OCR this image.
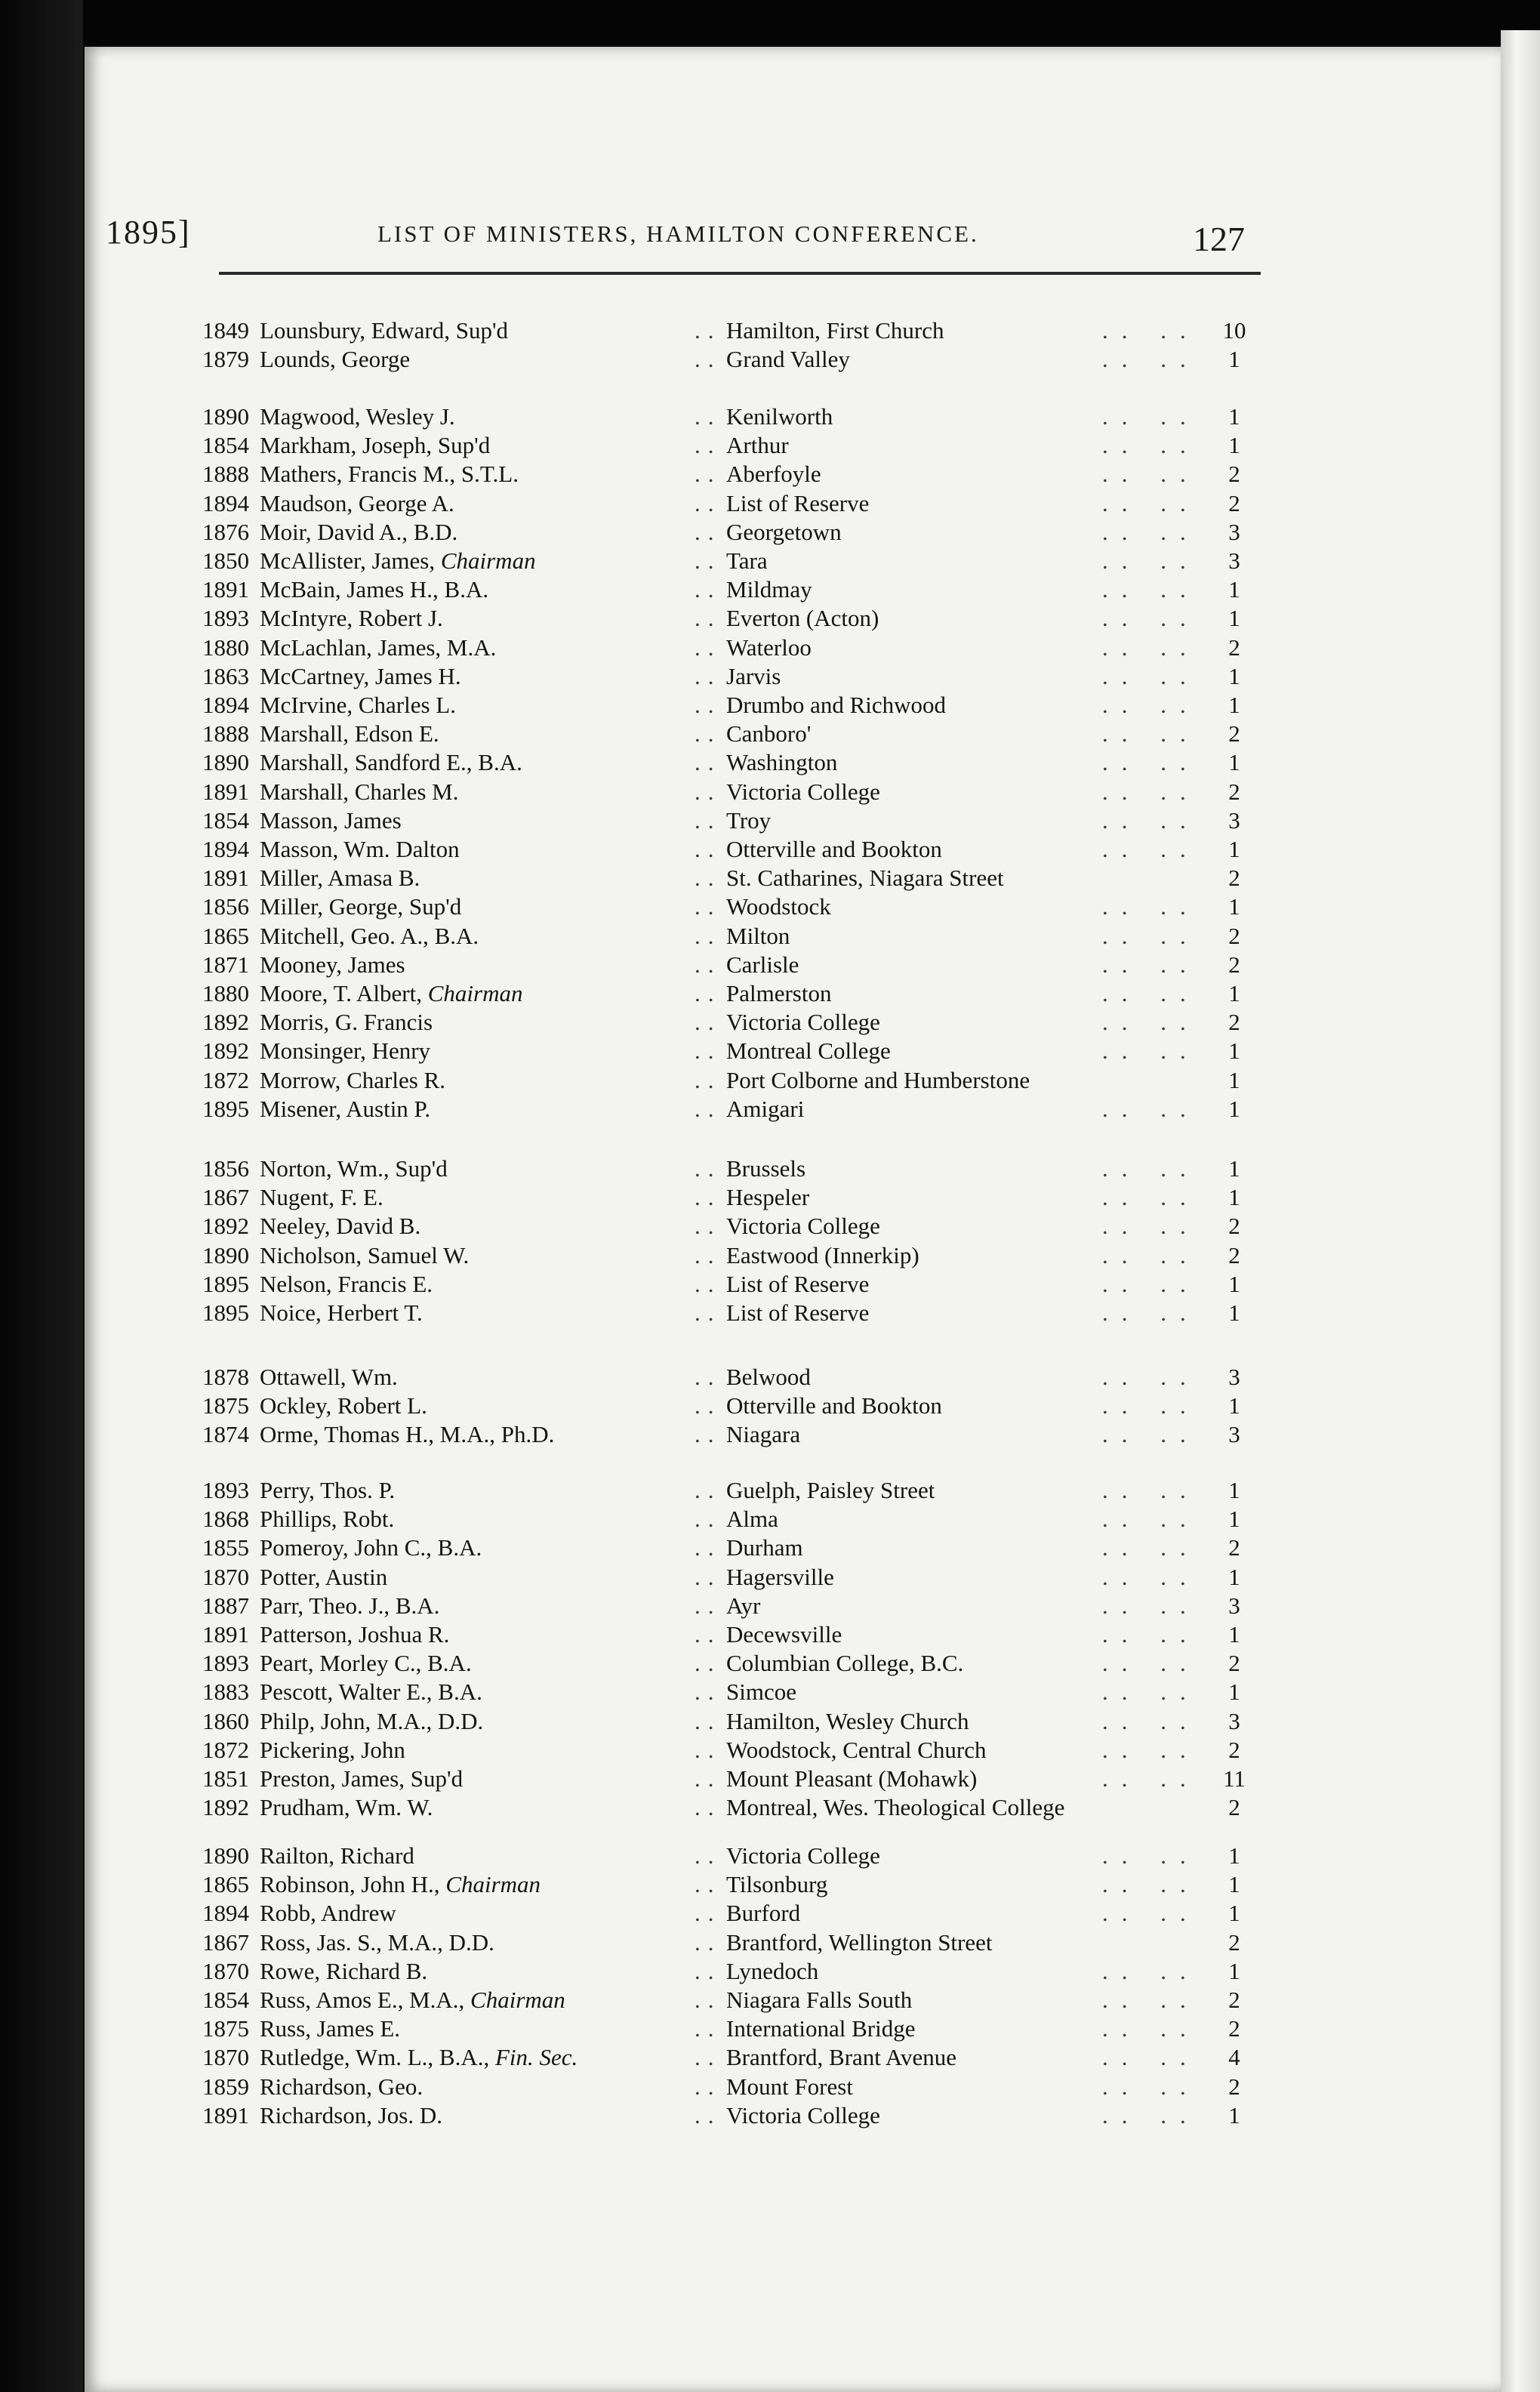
1895]	LIST OF MINISTERS, HAMILTON CONFERENCE.	127
1849 Lounsbury, Edward, Sup'd	.. Hamilton, First Church	.. .. 10
1879 Lounds, George	.. Grand Valley	.. ..	1
1890 Magwood, Wesley J.	.. Kenilworth	.. ..	1
1854 Markham, Joseph, Sup'd	.. Arthur	.. ..	1
1888 Mathers, Francis M., S.T.L.	.. Aberfoyle	.. ..	2
1894 Maudson, George A.	.. List of Reserve	.. ..	2
1876 Moir, David A., B.D.	.. Georgetown	.. ..	3
1850 McAllister, James, Chairman	.. Tara	.. ..	3
1891 McBain, James H., B.A.	.. Mildmay	.. ..	1
1893 McIntyre, Robert J.	.. Everton (Acton)	.. ..	1
1880 McLachlan, James, M.A.	.. Waterloo	.. ..	2
1863 McCartney, James H.	.. Jarvis	.. ..	1
1894 McIrvine, Charles L.	.. Drumbo and Richwood	.. ..	1
1888 Marshall, Edson E.	.. Canboro'	.. ..	2
1890 Marshall, Sandford E., B.A.	.. Washington	.. ..	1
1891 Marshall, Charles M.	.. Victoria College	.. ..	2
1854 Masson, James	.. Troy	.. ..	3
1894 Masson, Wm. Dalton	.. Otterville and Bookton	.. ..	1
1891 Miller, Amasa B.	.. St. Catharines, Niagara Street	2
1856 Miller, George, Sup'd	.. Woodstock	.. ..	1
1865 Mitchell, Geo. A., B.A.	.. Milton	.. ..	2
1871 Mooney, James	.. Carlisle	.. ..	2
1880 Moore, T. Albert, Chairman	.. Palmerston	.. ..	1
1892 Morris, G. Francis	.. Victoria College	.. ..	2
1892 Monsinger, Henry	.. Montreal College	.. ..	1
1872 Morrow, Charles R.	.. Port Colborne and Humberstone	1
1895 Misener, Austin P.	.. Amigari	.. ..	1
1856 Norton, Wm., Sup'd	.. Brussels	.. ..	1
1867 Nugent, F. E.	.. Hespeler	.. ..	1
1892 Neeley, David B.	.. Victoria College	.. ..	2
1890 Nicholson, Samuel W.	.. Eastwood (Innerkip)	.. ..	2
1895 Nelson, Francis E.	.. List of Reserve	.. ..	1
1895 Noice, Herbert T.	.. List of Reserve	.. ..	1
1878 Ottawell, Wm.	.. Belwood	.. ..	3
1875 Ockley, Robert L.	.. Otterville and Bookton	.. ..	1
1874 Orme, Thomas H., M.A., Ph.D.	.. Niagara	.. ..	3
1893 Perry, Thos. P.	.. Guelph, Paisley Street	.. ..	1
1868 Phillips, Robt.	.. Alma	.. ..	1
1855 Pomeroy, John C., B.A.	.. Durham	.. ..	2
1870 Potter, Austin	.. Hagersville	.. ..	1
1887 Parr, Theo. J., B.A.	.. Ayr	.. ..	3
1891 Patterson, Joshua R.	.. Decewsville	.. ..	1
1893 Peart, Morley C., B.A.	.. Columbian College, B.C.	.. ..	2
1883 Pescott, Walter E., B.A.	.. Simcoe	.. ..	1
1860 Philp, John, M.A., D.D.	.. Hamilton, Wesley Church	.. ..	3
1872 Pickering, John	.. Woodstock, Central Church	.. ..	2
1851 Preston, James, Sup'd	.. Mount Pleasant (Mohawk)	.. ..	11
1892 Prudham, Wm. W.	.. Montreal, Wes. Theological College	2
1890 Railton, Richard	.. Victoria College	.. ..	1
1865 Robinson, John H., Chairman	.. Tilsonburg	.. ..	1
1894 Robb, Andrew	.. Burford	.. ..	1
1867 Ross, Jas. S., M.A., D.D.	.. Brantford, Wellington Street	2
1870 Rowe, Richard B.	.. Lynedoch	.. ..	1
1854 Russ, Amos E., M.A., Chairman	.. Niagara Falls South	.. ..	2
1875 Russ, James E.	.. International Bridge	.. ..	2
1870 Rutledge, Wm. L., B.A., Fin. Sec.	.. Brantford, Brant Avenue	.. ..	4
1859 Richardson, Geo.	.. Mount Forest	.. ..	2
1891 Richardson, Jos. D.	.. Victoria College	.. ..	1
